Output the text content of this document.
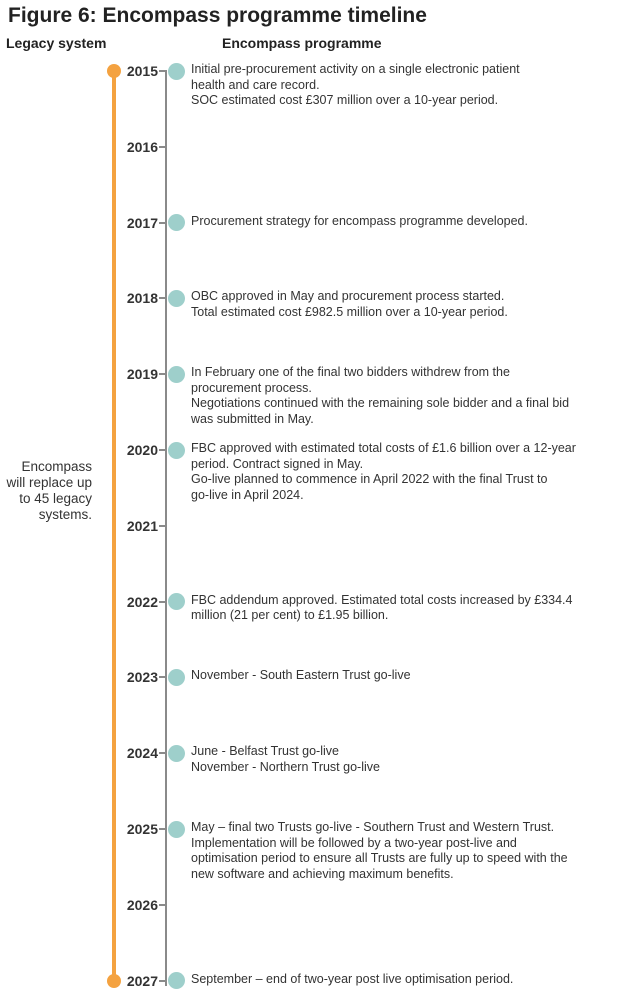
Figure 6: Encompass programme timeline
Legacy system	Encompass programme
Encompass will replace up to 45 legacy systems.
2015
2016
2017
2018
2019
2020
2021
2022
2023
2024
2025
2026
2027
Initial pre-procurement activity on a single electronic patient
health and care record.
SOC estimated cost £307 million over a 10-year period.
Procurement strategy for encompass programme developed.
OBC approved in May and procurement process started.
Total estimated cost £982.5 million over a 10-year period.
In February one of the final two bidders withdrew from the
procurement process.
Negotiations continued with the remaining sole bidder and a final bid
was submitted in May.
FBC approved with estimated total costs of £1.6 billion over a 12-year
period. Contract signed in May.
Go-live planned to commence in April 2022 with the final Trust to
go-live in April 2024.
FBC addendum approved. Estimated total costs increased by £334.4
million (21 per cent) to £1.95 billion.
November - South Eastern Trust go-live
June - Belfast Trust go-live
November - Northern Trust go-live
May – final two Trusts go-live - Southern Trust and Western Trust.
Implementation will be followed by a two-year post-live and
optimisation period to ensure all Trusts are fully up to speed with the
new software and achieving maximum benefits.
September – end of two-year post live optimisation period.
